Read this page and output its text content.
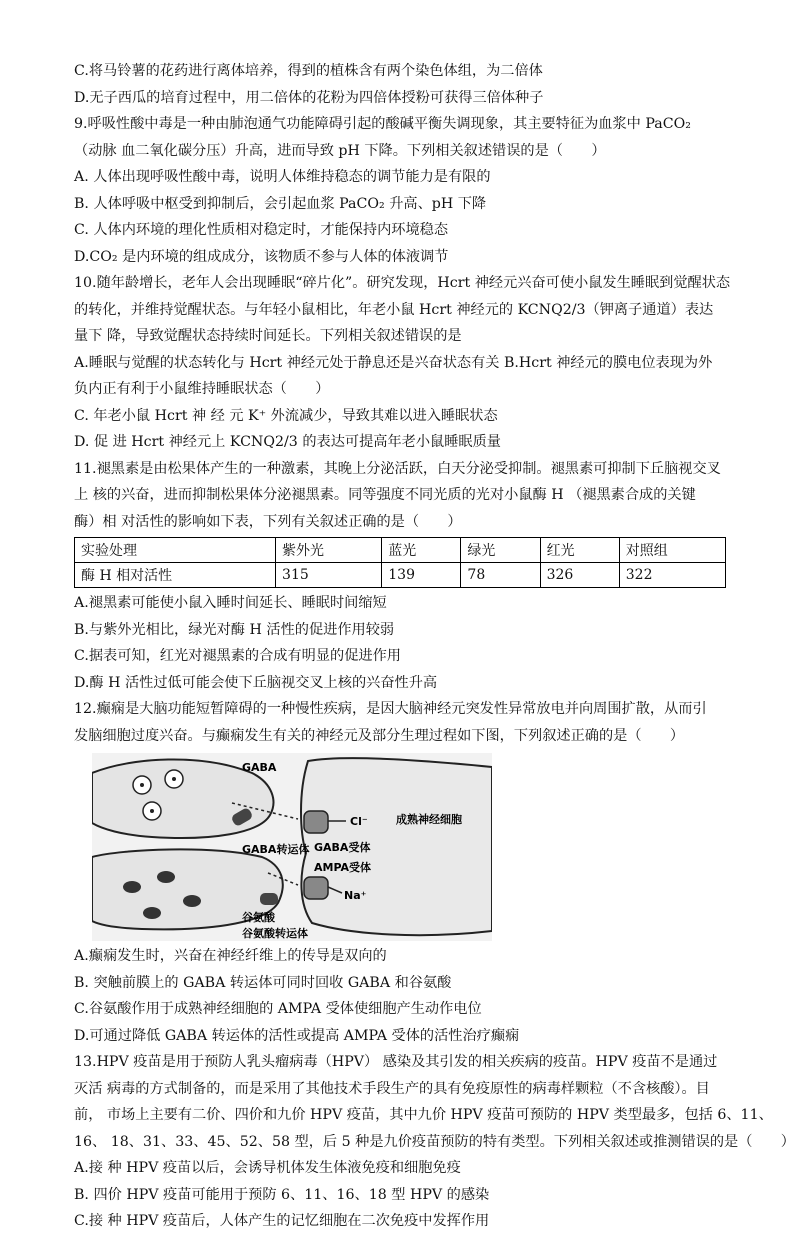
C.将马铃薯的花药进行离体培养，得到的植株含有两个染色体组，为二倍体
D.无子西瓜的培育过程中，用二倍体的花粉为四倍体授粉可获得三倍体种子
9.呼吸性酸中毒是一种由肺泡通气功能障碍引起的酸碱平衡失调现象，其主要特征为血浆中 PaCO₂
（动脉 血二氧化碳分压）升高，进而导致 pH 下降。下列相关叙述错误的是（　　）
A. 人体出现呼吸性酸中毒，说明人体维持稳态的调节能力是有限的
B. 人体呼吸中枢受到抑制后，会引起血浆 PaCO₂ 升高、pH 下降
C. 人体内环境的理化性质相对稳定时，才能保持内环境稳态
D.CO₂ 是内环境的组成成分，该物质不参与人体的体液调节
10.随年龄增长，老年人会出现睡眠“碎片化”。研究发现，Hcrt 神经元兴奋可使小鼠发生睡眠到觉醒状态
的转化，并维持觉醒状态。与年轻小鼠相比，年老小鼠 Hcrt 神经元的 KCNQ2/3（钾离子通道）表达
量下 降，导致觉醒状态持续时间延长。下列相关叙述错误的是
A.睡眠与觉醒的状态转化与 Hcrt 神经元处于静息还是兴奋状态有关 B.Hcrt 神经元的膜电位表现为外
负内正有利于小鼠维持睡眠状态（　　）
C. 年老小鼠 Hcrt 神 经 元 K⁺ 外流减少，导致其难以进入睡眠状态
D. 促 进 Hcrt 神经元上 KCNQ2/3 的表达可提高年老小鼠睡眠质量
11.褪黑素是由松果体产生的一种激素，其晚上分泌活跃，白天分泌受抑制。褪黑素可抑制下丘脑视交叉
上 核的兴奋，进而抑制松果体分泌褪黑素。同等强度不同光质的光对小鼠酶 H （褪黑素合成的关键
酶）相 对活性的影响如下表，下列有关叙述正确的是（　　）
实验处理	紫外光	蓝光	绿光	红光	对照组
酶 H 相对活性	315	139	78	326	322
A.褪黑素可能使小鼠入睡时间延长、睡眠时间缩短
B.与紫外光相比，绿光对酶 H 活性的促进作用较弱
C.据表可知，红光对褪黑素的合成有明显的促进作用
D.酶 H 活性过低可能会使下丘脑视交叉上核的兴奋性升高
12.癫痫是大脑功能短暂障碍的一种慢性疾病，是因大脑神经元突发性异常放电并向周围扩散，从而引
发脑细胞过度兴奋。与癫痫发生有关的神经元及部分生理过程如下图，下列叙述正确的是（　　）
GABA
Cl⁻
GABA受体
成熟神经细胞
GABA转运体
AMPA受体
Na⁺
谷氨酸
谷氨酸转运体
A.癫痫发生时，兴奋在神经纤维上的传导是双向的
B. 突触前膜上的 GABA 转运体可同时回收 GABA 和谷氨酸
C.谷氨酸作用于成熟神经细胞的 AMPA 受体使细胞产生动作电位
D.可通过降低 GABA 转运体的活性或提高 AMPA 受体的活性治疗癫痫
13.HPV 疫苗是用于预防人乳头瘤病毒（HPV） 感染及其引发的相关疾病的疫苗。HPV 疫苗不是通过
灭活 病毒的方式制备的，而是采用了其他技术手段生产的具有免疫原性的病毒样颗粒（不含核酸）。目
前， 市场上主要有二价、四价和九价 HPV 疫苗，其中九价 HPV 疫苗可预防的 HPV 类型最多，包括 6、11、
16、 18、31、33、45、52、58 型，后 5 种是九价疫苗预防的特有类型。下列相关叙述或推测错误的是（　　）
A.接 种 HPV 疫苗以后，会诱导机体发生体液免疫和细胞免疫
B. 四价 HPV 疫苗可能用于预防 6、11、16、18 型 HPV 的感染
C.接 种 HPV 疫苗后，人体产生的记忆细胞在二次免疫中发挥作用
